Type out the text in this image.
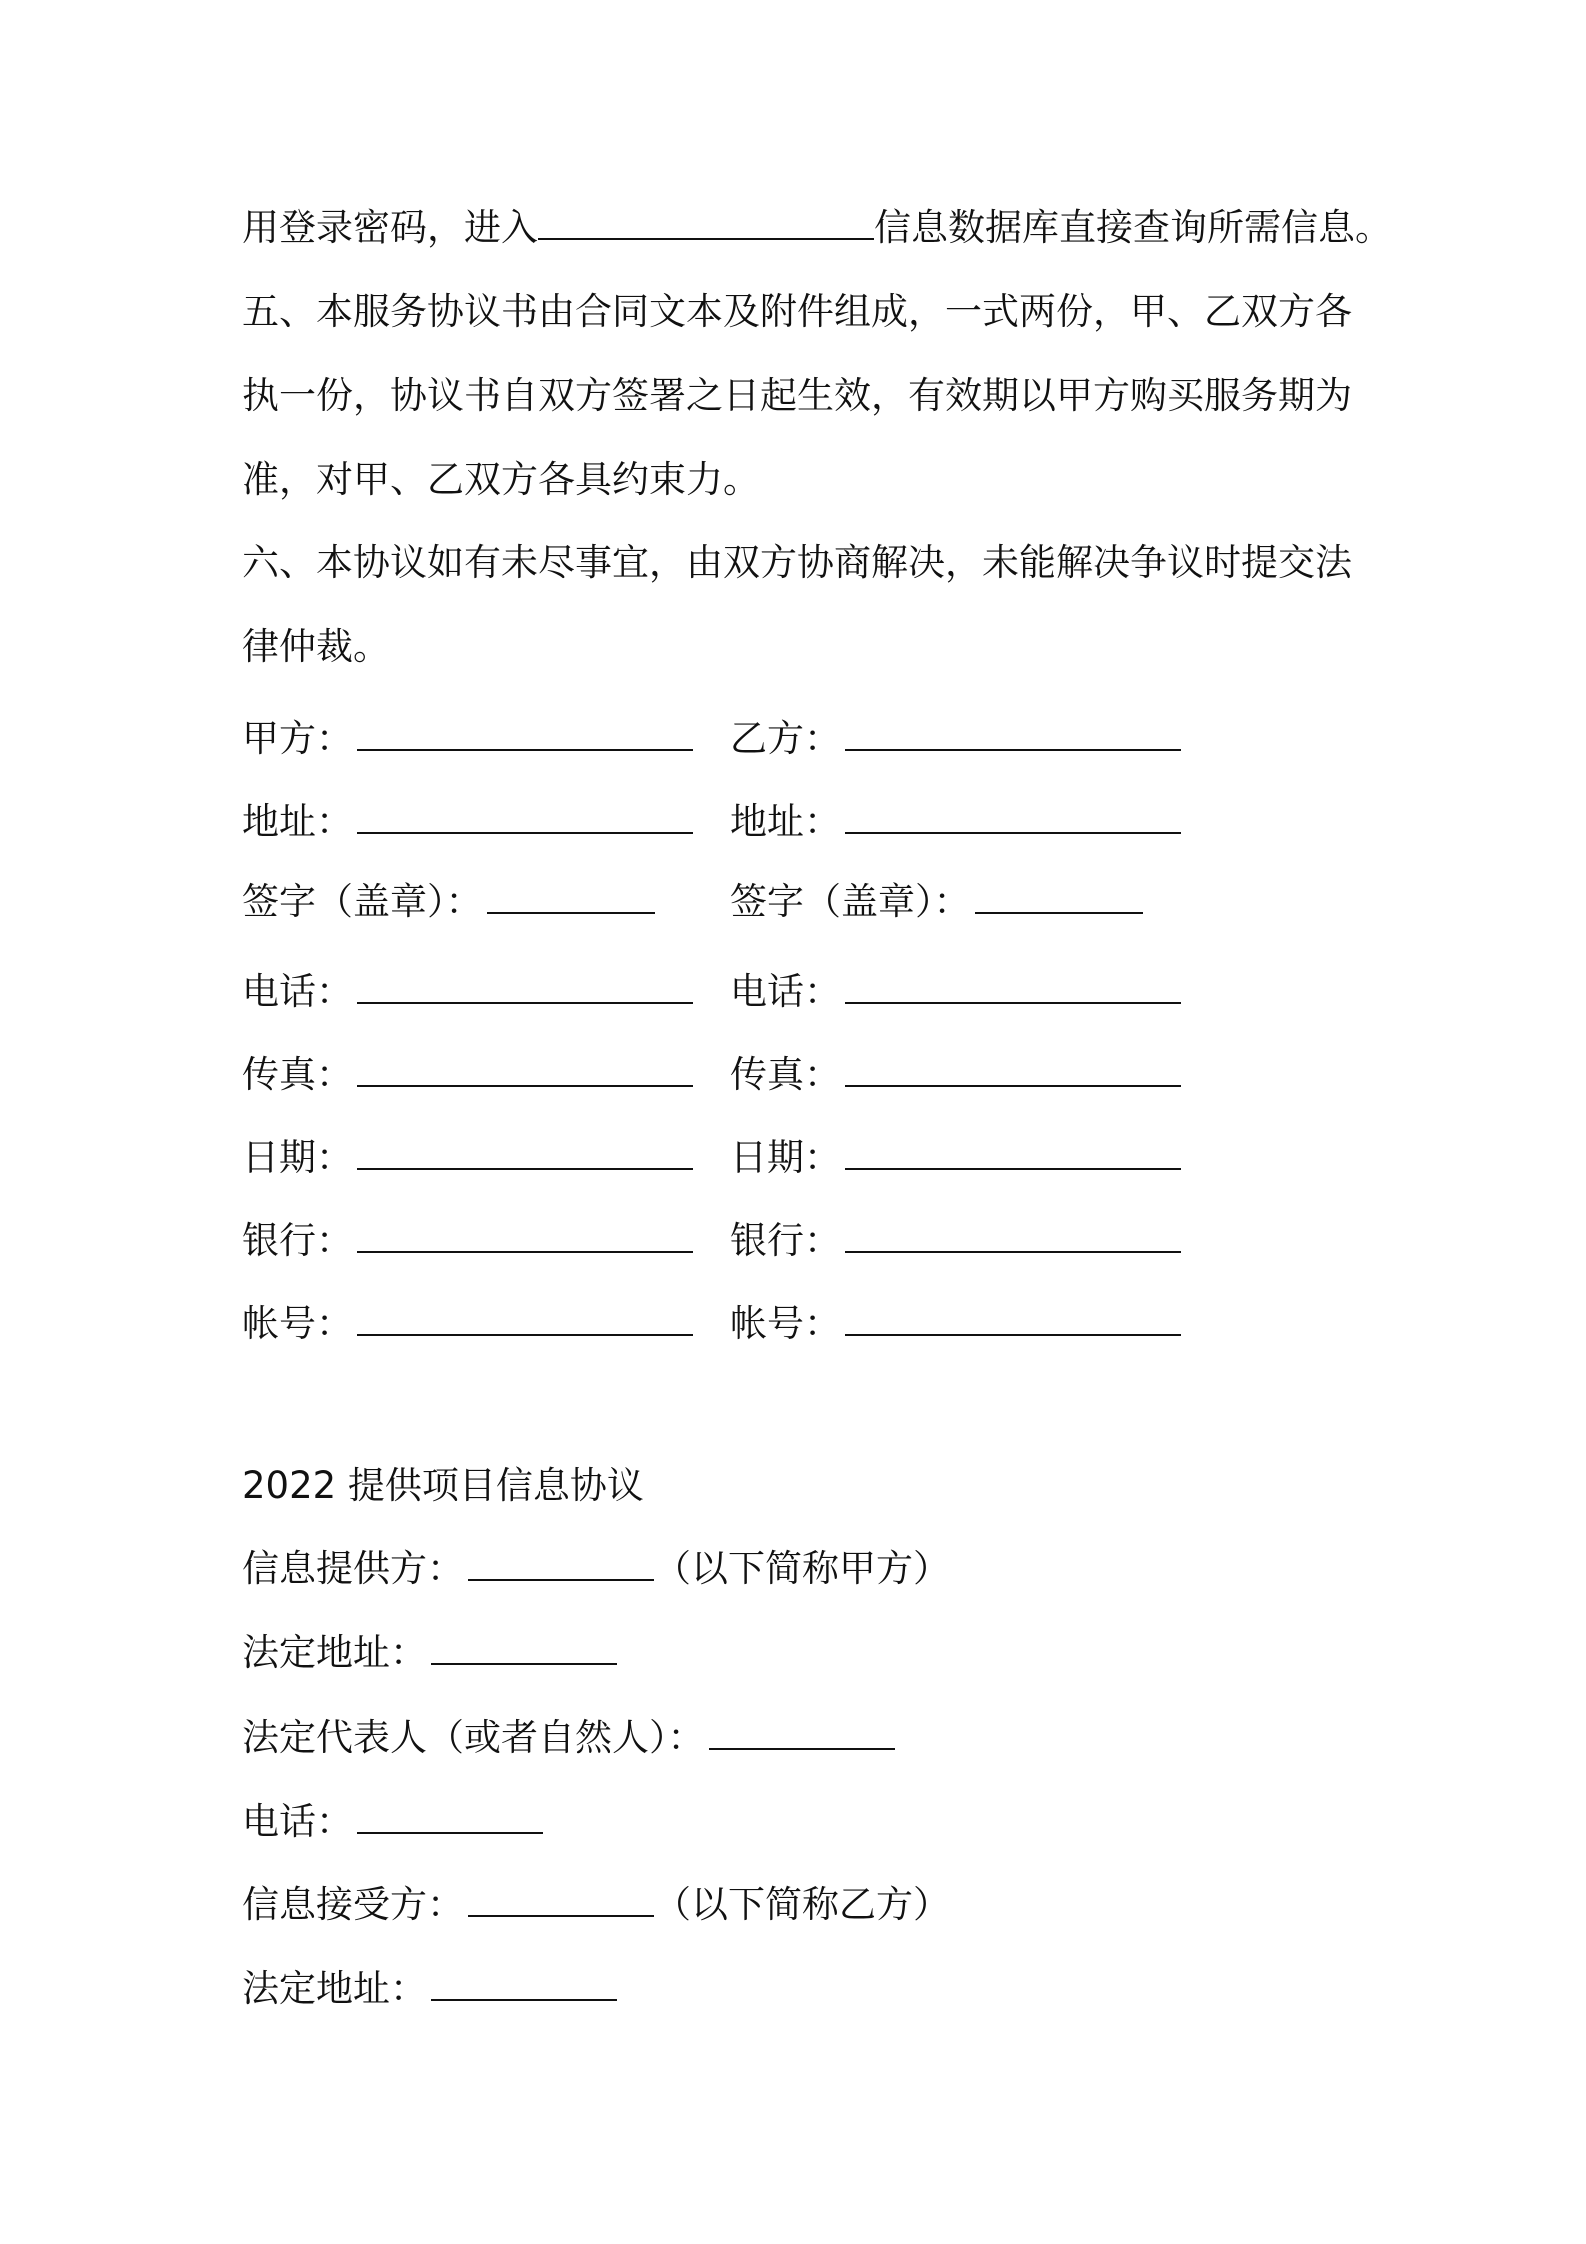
用登录密码，进入	信息数据库直接查询所需信息。
五、本服务协议书由合同文本及附件组成，一式两份，甲、乙双方各
执一份，协议书自双方签署之日起生效，有效期以甲方购买服务期为
准，对甲、乙双方各具约束力。
六、本协议如有未尽事宜，由双方协商解决，未能解决争议时提交法
律仲裁。
甲方：	乙方：
地址：	地址：
签字（盖章）：	签字（盖章）：
电话：	电话：
传真：	传真：
日期：	日期：
银行：	银行：
帐号：	帐号：
2022 提供项目信息协议
信息提供方：	（以下简称甲方）
法定地址：
法定代表人（或者自然人）：
电话：
信息接受方：	（以下简称乙方）
法定地址：
